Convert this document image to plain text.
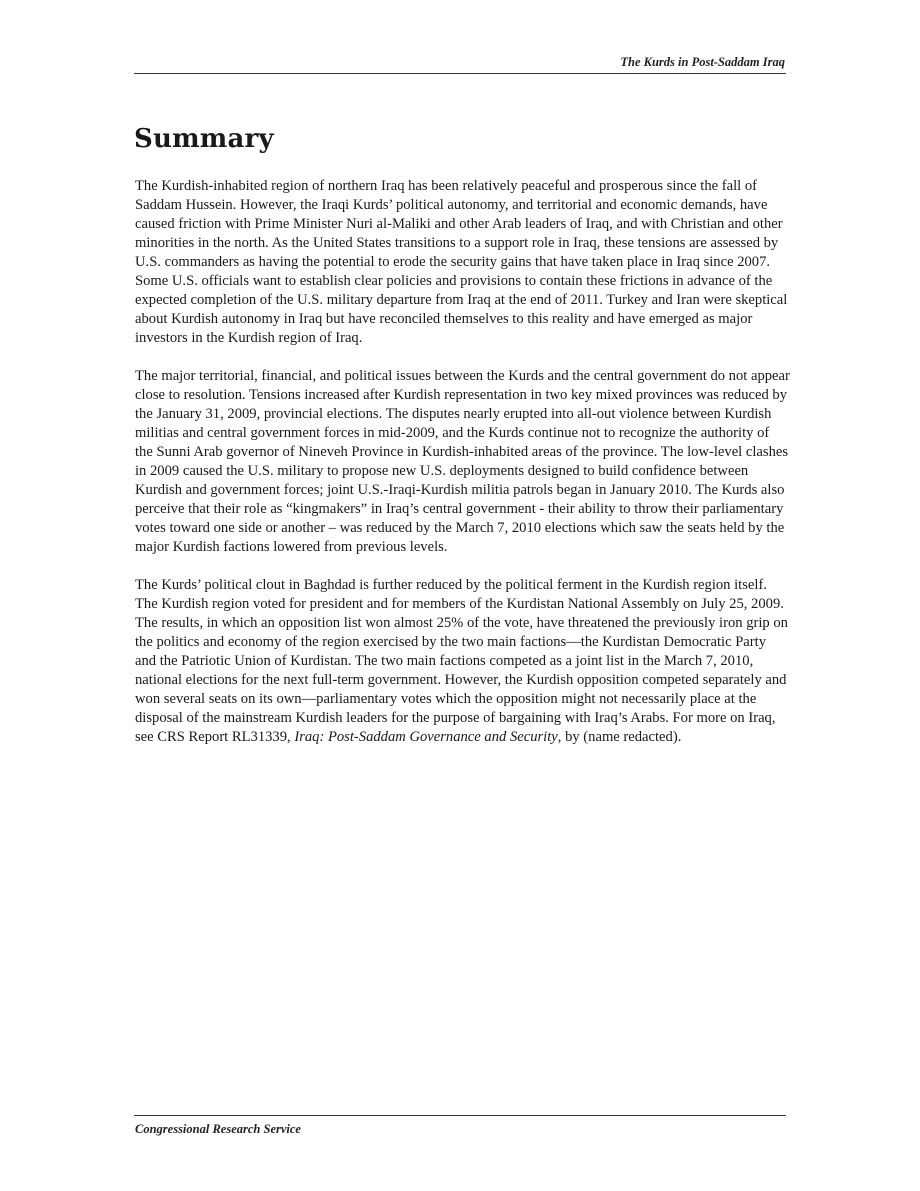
The Kurds in Post-Saddam Iraq
Summary

The Kurdish-inhabited region of northern Iraq has been relatively peaceful and prosperous since the fall of Saddam Hussein. However, the Iraqi Kurds’ political autonomy, and territorial and economic demands, have caused friction with Prime Minister Nuri al-Maliki and other Arab leaders of Iraq, and with Christian and other minorities in the north. As the United States transitions to a support role in Iraq, these tensions are assessed by U.S. commanders as having the potential to erode the security gains that have taken place in Iraq since 2007. Some U.S. officials want to establish clear policies and provisions to contain these frictions in advance of the expected completion of the U.S. military departure from Iraq at the end of 2011. Turkey and Iran were skeptical about Kurdish autonomy in Iraq but have reconciled themselves to this reality and have emerged as major investors in the Kurdish region of Iraq.

The major territorial, financial, and political issues between the Kurds and the central government do not appear close to resolution. Tensions increased after Kurdish representation in two key mixed provinces was reduced by the January 31, 2009, provincial elections. The disputes nearly erupted into all-out violence between Kurdish militias and central government forces in mid-2009, and the Kurds continue not to recognize the authority of the Sunni Arab governor of Nineveh Province in Kurdish-inhabited areas of the province. The low-level clashes in 2009 caused the U.S. military to propose new U.S. deployments designed to build confidence between Kurdish and government forces; joint U.S.-Iraqi-Kurdish militia patrols began in January 2010. The Kurds also perceive that their role as “kingmakers” in Iraq’s central government - their ability to throw their parliamentary votes toward one side or another – was reduced by the March 7, 2010 elections which saw the seats held by the major Kurdish factions lowered from previous levels.

The Kurds’ political clout in Baghdad is further reduced by the political ferment in the Kurdish region itself. The Kurdish region voted for president and for members of the Kurdistan National Assembly on July 25, 2009. The results, in which an opposition list won almost 25% of the vote, have threatened the previously iron grip on the politics and economy of the region exercised by the two main factions—the Kurdistan Democratic Party and the Patriotic Union of Kurdistan. The two main factions competed as a joint list in the March 7, 2010, national elections for the next full-term government. However, the Kurdish opposition competed separately and won several seats on its own—parliamentary votes which the opposition might not necessarily place at the disposal of the mainstream Kurdish leaders for the purpose of bargaining with Iraq’s Arabs. For more on Iraq, see CRS Report RL31339, Iraq: Post-Saddam Governance and Security, by (name redacted).

Congressional Research Service
